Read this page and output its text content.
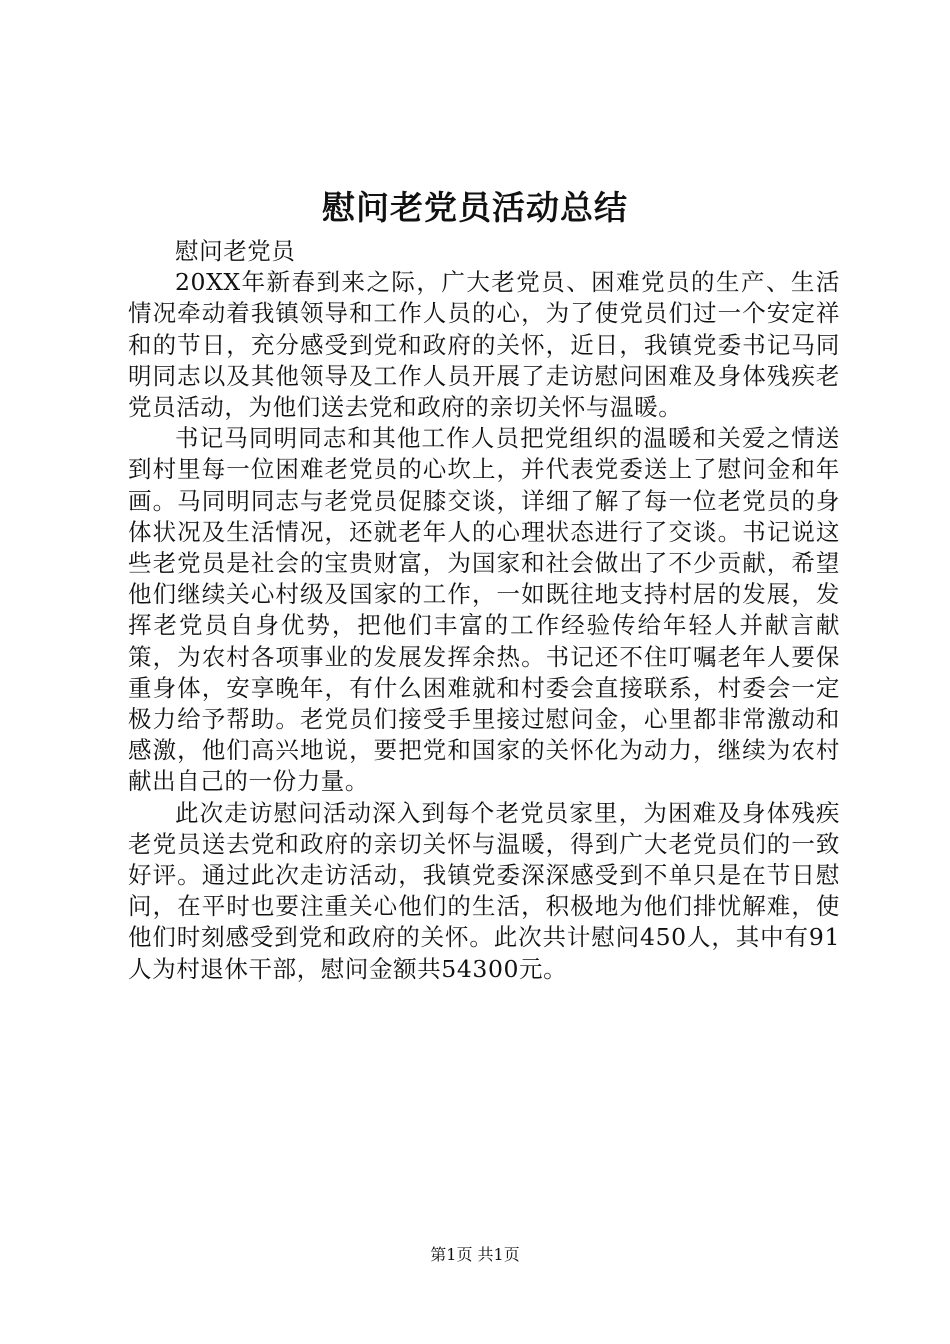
慰问老党员活动总结

慰问老党员

20XX年新春到来之际，广大老党员、困难党员的生产、生活情况牵动着我镇领导和工作人员的心，为了使党员们过一个安定祥和的节日，充分感受到党和政府的关怀，近日，我镇党委书记马同明同志以及其他领导及工作人员开展了走访慰问困难及身体残疾老党员活动，为他们送去党和政府的亲切关怀与温暖。

书记马同明同志和其他工作人员把党组织的温暖和关爱之情送到村里每一位困难老党员的心坎上，并代表党委送上了慰问金和年画。马同明同志与老党员促膝交谈，详细了解了每一位老党员的身体状况及生活情况，还就老年人的心理状态进行了交谈。书记说这些老党员是社会的宝贵财富，为国家和社会做出了不少贡献，希望他们继续关心村级及国家的工作，一如既往地支持村居的发展，发挥老党员自身优势，把他们丰富的工作经验传给年轻人并献言献策，为农村各项事业的发展发挥余热。书记还不住叮嘱老年人要保重身体，安享晚年，有什么困难就和村委会直接联系，村委会一定极力给予帮助。老党员们接受手里接过慰问金，心里都非常激动和感激，他们高兴地说，要把党和国家的关怀化为动力，继续为农村献出自己的一份力量。

此次走访慰问活动深入到每个老党员家里，为困难及身体残疾老党员送去党和政府的亲切关怀与温暖，得到广大老党员们的一致好评。通过此次走访活动，我镇党委深深感受到不单只是在节日慰问，在平时也要注重关心他们的生活，积极地为他们排忧解难，使他们时刻感受到党和政府的关怀。此次共计慰问450人，其中有91人为村退休干部，慰问金额共54300元。

第1页 共1页
